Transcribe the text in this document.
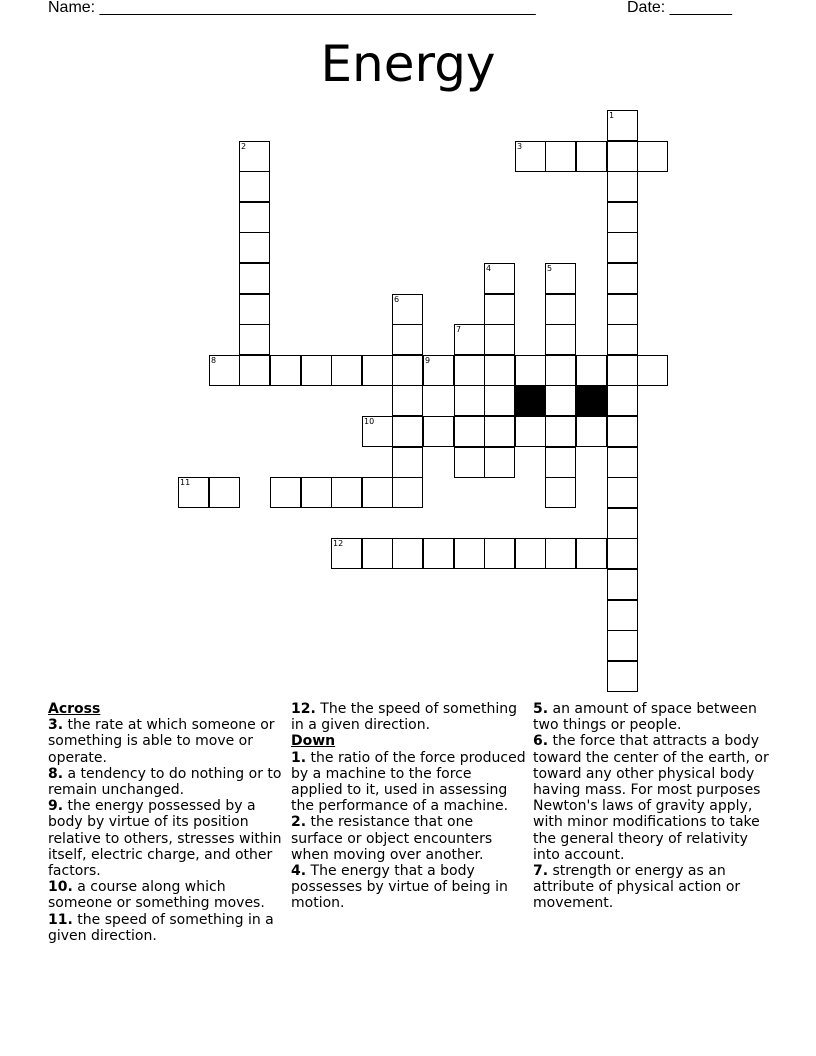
Name: _________________________________________________	Date: _______
Energy
1
3
2
4	5
6
7
8	9
10
11
12
Across
3. the rate at which someone or something is able to move or operate.
8. a tendency to do nothing or to remain unchanged.
9. the energy possessed by a body by virtue of its position relative to others, stresses within itself, electric charge, and other factors.
10. a course along which someone or something moves.
11. the speed of something in a given direction.
12. The the speed of something in a given direction.
Down
1. the ratio of the force produced by a machine to the force applied to it, used in assessing the performance of a machine.
2. the resistance that one surface or object encounters when moving over another.
4. The energy that a body possesses by virtue of being in motion.
5. an amount of space between two things or people.
6. the force that attracts a body toward the center of the earth, or toward any other physical body having mass. For most purposes Newton's laws of gravity apply, with minor modifications to take the general theory of relativity into account.
7. strength or energy as an attribute of physical action or movement.
